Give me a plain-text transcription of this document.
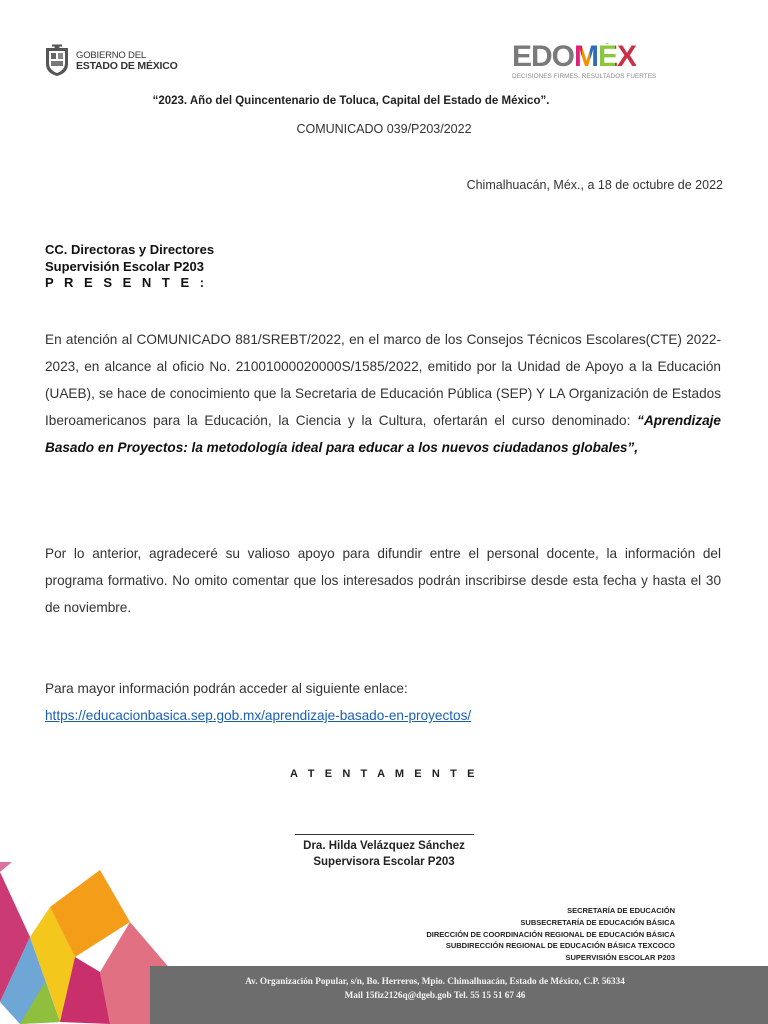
GOBIERNO DEL
ESTADO DE MÉXICO	EDO M ÉX
DECISIONES FIRMES, RESULTADOS FUERTES
“2023. Año del Quincentenario de Toluca, Capital del Estado de México”.
COMUNICADO 039/P203/2022
Chimalhuacán, Méx., a 18 de octubre de 2022
CC. Directoras y Directores
Supervisión Escolar P203
P R E S E N T E :
En atención al COMUNICADO 881/SREBT/2022, en el marco de los Consejos Técnicos Escolares(CTE) 2022-2023, en alcance al oficio No. 21001000020000S/1585/2022, emitido por la Unidad de Apoyo a la Educación (UAEB), se hace de conocimiento que la Secretaria de Educación Pública (SEP) Y LA Organización de Estados Iberoamericanos para la Educación, la Ciencia y la Cultura, ofertarán el curso denominado: “Aprendizaje Basado en Proyectos: la metodología ideal para educar a los nuevos ciudadanos globales”,
Por lo anterior, agradeceré su valioso apoyo para difundir entre el personal docente, la información del programa formativo. No omito comentar que los interesados podrán inscribirse desde esta fecha y hasta el 30 de noviembre.
Para mayor información podrán acceder al siguiente enlace:
https://educacionbasica.sep.gob.mx/aprendizaje-basado-en-proyectos/
A T E N T A M E N T E
Dra. Hilda Velázquez Sánchez
Supervisora Escolar P203
SECRETARÍA DE EDUCACIÓN
SUBSECRETARÍA DE EDUCACIÓN BÁSICA
DIRECCIÓN DE COORDINACIÓN REGIONAL DE EDUCACIÓN BÁSICA
SUBDIRECCIÓN REGIONAL DE EDUCACIÓN BÁSICA TEXCOCO
SUPERVISIÓN ESCOLAR P203
Av. Organización Popular, s/n, Bo. Herreros, Mpio. Chimalhuacán, Estado de México, C.P. 56334
Mail 15fiz2126q@dgeb.gob Tel. 55 15 51 67 46
